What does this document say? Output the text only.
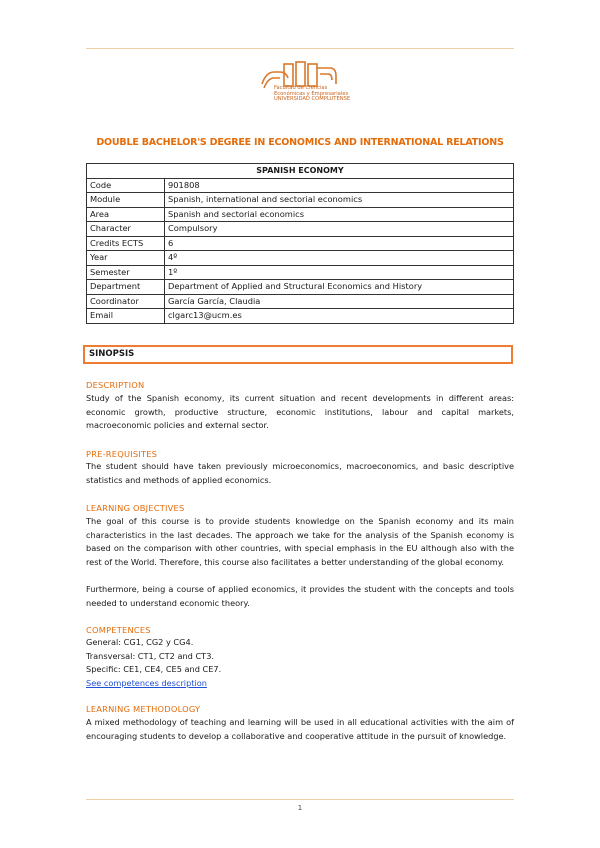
Facultad de Ciencias
Económicas y Empresariales
UNIVERSIDAD COMPLUTENSE
DOUBLE BACHELOR'S DEGREE IN ECONOMICS AND INTERNATIONAL RELATIONS
SPANISH ECONOMY	
Code	901808
Module	Spanish, international and sectorial economics
Area	Spanish and sectorial economics
Character	Compulsory
Credits ECTS	6
Year	4º
Semester	1º
Department	Department of Applied and Structural Economics and History
Coordinator	García García, Claudia
Email	clgarc13@ucm.es
SINOPSIS
DESCRIPTION
Study of the Spanish economy, its current situation and recent developments in different areas: economic growth, productive structure, economic institutions, labour and capital markets, macroeconomic policies and external sector.
PRE-REQUISITES
The student should have taken previously microeconomics, macroeconomics, and basic descriptive statistics and methods of applied economics.
LEARNING OBJECTIVES
The goal of this course is to provide students knowledge on the Spanish economy and its main characteristics in the last decades. The approach we take for the analysis of the Spanish economy is based on the comparison with other countries, with special emphasis in the EU although also with the rest of the World. Therefore, this course also facilitates a better understanding of the global economy.
Furthermore, being a course of applied economics, it provides the student with the concepts and tools needed to understand economic theory.
COMPETENCES
General: CG1, CG2 y CG4.
Transversal: CT1, CT2 and CT3.
Specific: CE1, CE4, CE5 and CE7.
See competences description
LEARNING METHODOLOGY
A mixed methodology of teaching and learning will be used in all educational activities with the aim of encouraging students to develop a collaborative and cooperative attitude in the pursuit of knowledge.
1
